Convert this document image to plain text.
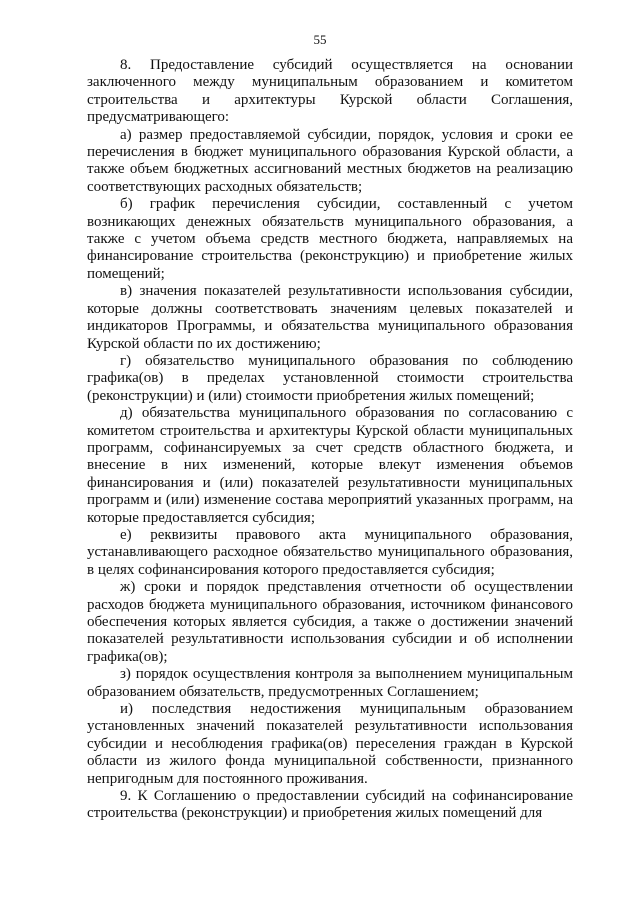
55

8. Предоставление субсидий осуществляется на основании заключенного между муниципальным образованием и комитетом строительства и архитектуры Курской области Соглашения, предусматривающего:

а) размер предоставляемой субсидии, порядок, условия и сроки ее перечисления в бюджет муниципального образования Курской области, а также объем бюджетных ассигнований местных бюджетов на реализацию соответствующих расходных обязательств;

б) график перечисления субсидии, составленный с учетом возникающих денежных обязательств муниципального образования, а также с учетом объема средств местного бюджета, направляемых на финансирование строительства (реконструкцию) и приобретение жилых помещений;

в) значения показателей результативности использования субсидии, которые должны соответствовать значениям целевых показателей и индикаторов Программы, и обязательства муниципального образования Курской области по их достижению;

г) обязательство муниципального образования по соблюдению графика(ов) в пределах установленной стоимости строительства (реконструкции) и (или) стоимости приобретения жилых помещений;

д) обязательства муниципального образования по согласованию с комитетом строительства и архитектуры Курской области муниципальных программ, софинансируемых за счет средств областного бюджета, и внесение в них изменений, которые влекут изменения объемов финансирования и (или) показателей результативности муниципальных программ и (или) изменение состава мероприятий указанных программ, на которые предоставляется субсидия;

е) реквизиты правового акта муниципального образования, устанавливающего расходное обязательство муниципального образования, в целях софинансирования которого предоставляется субсидия;

ж) сроки и порядок представления отчетности об осуществлении расходов бюджета муниципального образования, источником финансового обеспечения которых является субсидия, а также о достижении значений показателей результативности использования субсидии и об исполнении графика(ов);

з) порядок осуществления контроля за выполнением муниципальным образованием обязательств, предусмотренных Соглашением;

и) последствия недостижения муниципальным образованием установленных значений показателей результативности использования субсидии и несоблюдения графика(ов) переселения граждан в Курской области из жилого фонда муниципальной собственности, признанного непригодным для постоянного проживания.

9. К Соглашению о предоставлении субсидий на софинансирование строительства (реконструкции) и приобретения жилых помещений для
